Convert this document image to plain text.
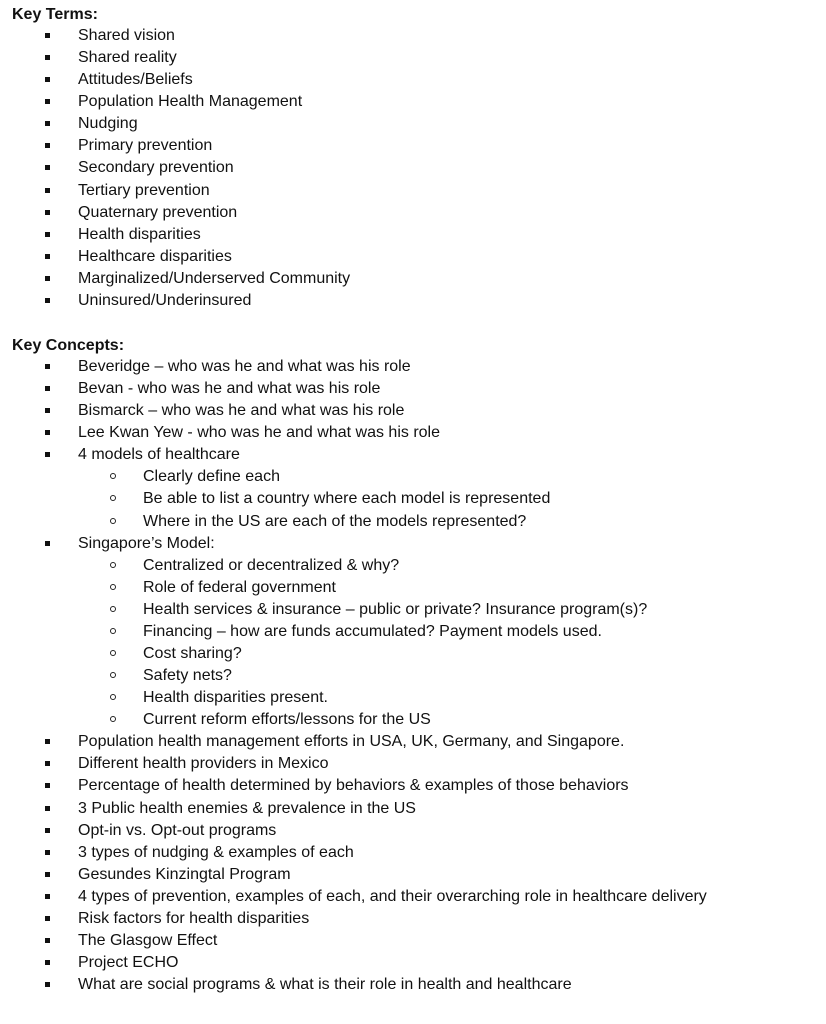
Key Terms:
Shared vision
Shared reality
Attitudes/Beliefs
Population Health Management
Nudging
Primary prevention
Secondary prevention
Tertiary prevention
Quaternary prevention
Health disparities
Healthcare disparities
Marginalized/Underserved Community
Uninsured/Underinsured
Key Concepts:
Beveridge – who was he and what was his role
Bevan - who was he and what was his role
Bismarck – who was he and what was his role
Lee Kwan Yew - who was he and what was his role
4 models of healthcare
Clearly define each
Be able to list a country where each model is represented
Where in the US are each of the models represented?
Singapore’s Model:
Centralized or decentralized & why?
Role of federal government
Health services & insurance – public or private? Insurance program(s)?
Financing – how are funds accumulated? Payment models used.
Cost sharing?
Safety nets?
Health disparities present.
Current reform efforts/lessons for the US
Population health management efforts in USA, UK, Germany, and Singapore.
Different health providers in Mexico
Percentage of health determined by behaviors & examples of those behaviors
3 Public health enemies & prevalence in the US
Opt-in vs. Opt-out programs
3 types of nudging & examples of each
Gesundes Kinzingtal Program
4 types of prevention, examples of each, and their overarching role in healthcare delivery
Risk factors for health disparities
The Glasgow Effect
Project ECHO
What are social programs & what is their role in health and healthcare
